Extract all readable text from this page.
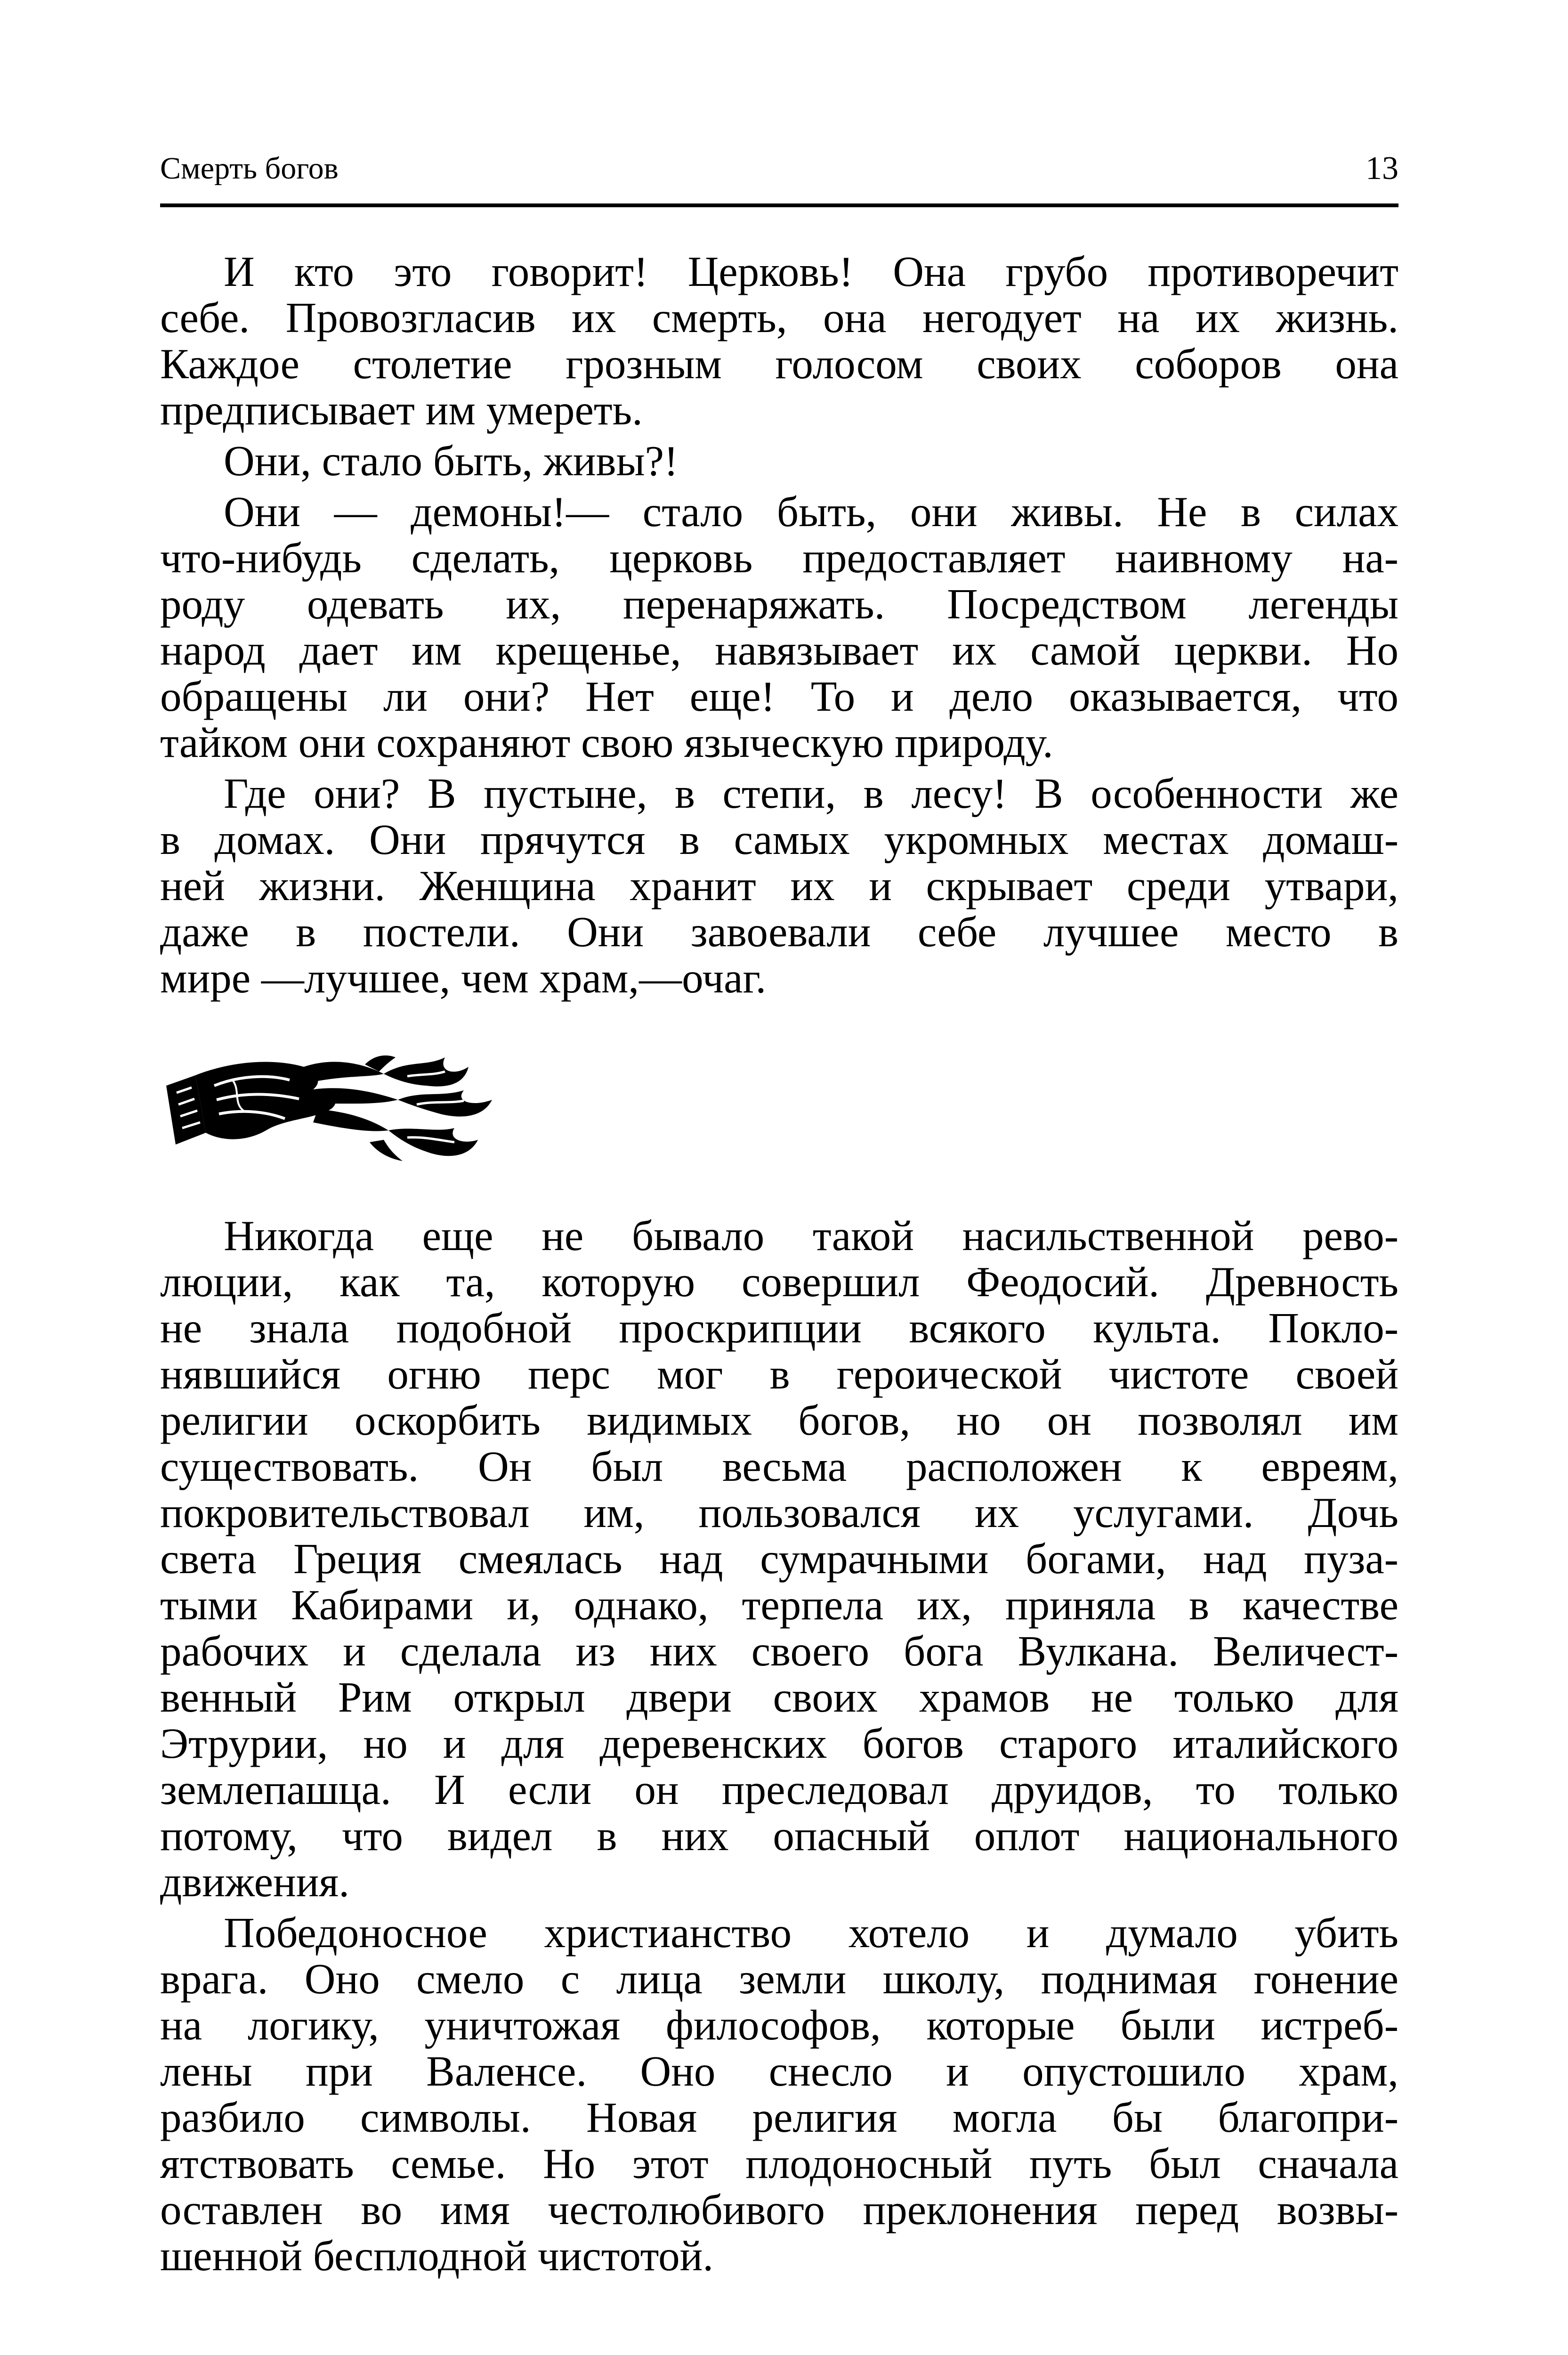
Смерть богов	13
И кто это говорит! Церковь! Она грубо противоречит
себе. Провозгласив их смерть, она негодует на их жизнь.
Каждое столетие грозным голосом своих соборов она
предписывает им умереть.
Они, стало быть, живы?!
Они — демоны!— стало быть, они живы. Не в силах
что-нибудь сделать, церковь предоставляет наивному на-
роду одевать их, перенаряжать. Посредством легенды
народ дает им крещенье, навязывает их самой церкви. Но
обращены ли они? Нет еще! То и дело оказывается, что
тайком они сохраняют свою языческую природу.
Где они? В пустыне, в степи, в лесу! В особенности же
в домах. Они прячутся в самых укромных местах домаш-
ней жизни. Женщина хранит их и скрывает среди утвари,
даже в постели. Они завоевали себе лучшее место в
мире —лучшее, чем храм,—очаг.
Никогда еще не бывало такой насильственной рево-
люции, как та, которую совершил Феодосий. Древность
не знала подобной проскрипции всякого культа. Покло-
нявшийся огню перс мог в героической чистоте своей
религии оскорбить видимых богов, но он позволял им
существовать. Он был весьма расположен к евреям,
покровительствовал им, пользовался их услугами. Дочь
света Греция смеялась над сумрачными богами, над пуза-
тыми Кабирами и, однако, терпела их, приняла в качестве
рабочих и сделала из них своего бога Вулкана. Величест-
венный Рим открыл двери своих храмов не только для
Этрурии, но и для деревенских богов старого италийского
землепашца. И если он преследовал друидов, то только
потому, что видел в них опасный оплот национального
движения.
Победоносное христианство хотело и думало убить
врага. Оно смело с лица земли школу, поднимая гонение
на логику, уничтожая философов, которые были истреб-
лены при Валенсе. Оно снесло и опустошило храм,
разбило символы. Новая религия могла бы благопри-
ятствовать семье. Но этот плодоносный путь был сначала
оставлен во имя честолюбивого преклонения перед возвы-
шенной бесплодной чистотой.
